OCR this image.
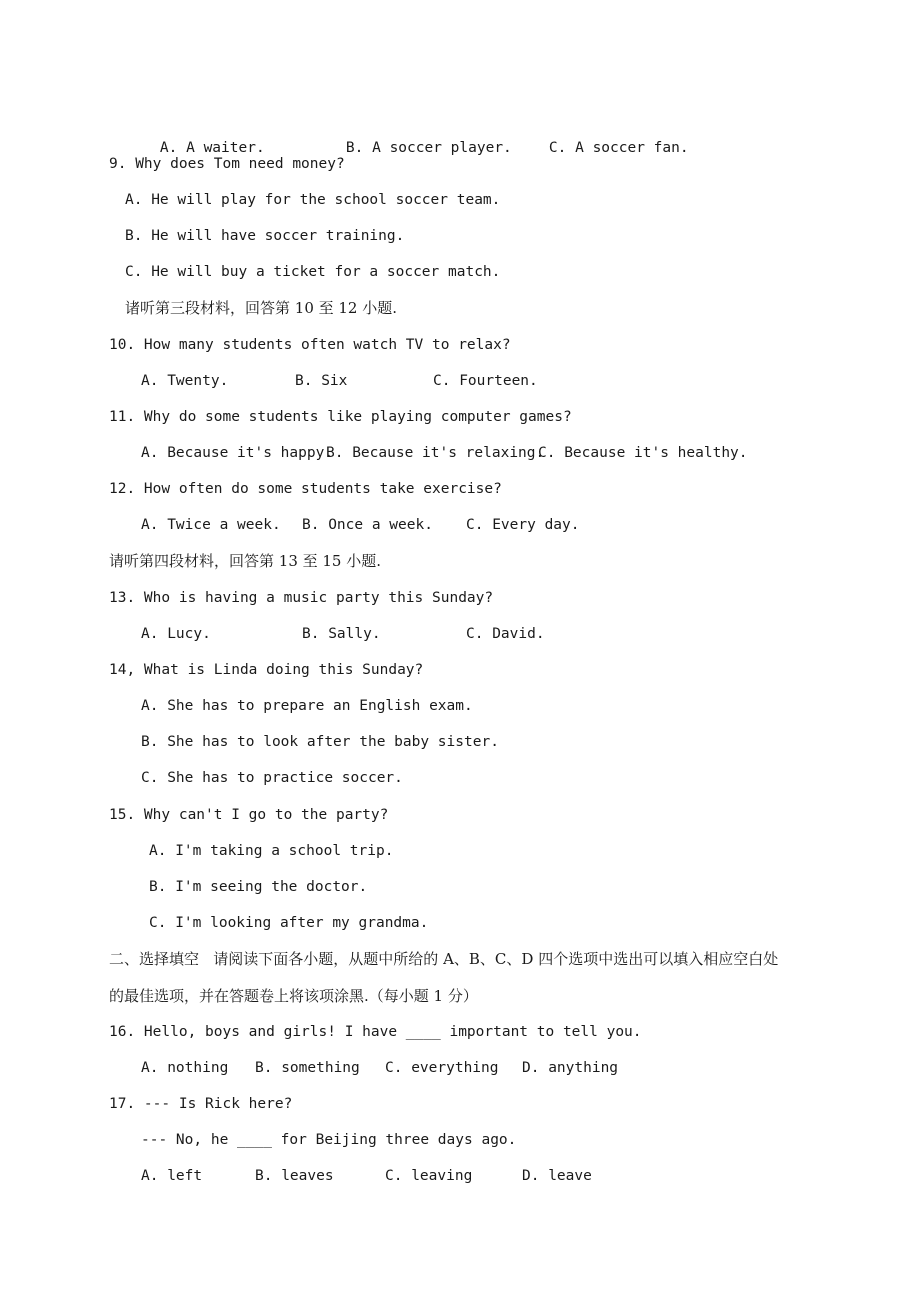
A. A waiter.
	B. A soccer player.
	C. A soccer fan.

9. Why does Tom need money?
A. He will play for the school soccer team.
B. He will have soccer training.
C. He will buy a ticket for a soccer match.
诸听第三段材料，回答第 10 至 12 小题.
10. How many students often watch TV to relax?
A. Twenty.	B. Six	C. Fourteen.
11. Why do some students like playing computer games?
A. Because it's happy.
B. Because it's relaxing.
C. Because it's healthy.
12. How often do some students take exercise?
A. Twice a week. B. Once a week. C. Every day.
请听第四段材料，回答第 13 至 15 小题.
13. Who is having a music party this Sunday?
A. Lucy.	B. Sally.	C. David.
14, What is Linda doing this Sunday?
A. She has to prepare an English exam.
B. She has to look after the baby sister.
C. She has to practice soccer.
15. Why can't I go to the party?
A. I'm taking a school trip.
B. I'm seeing the doctor.
C. I'm looking after my grandma.
二、选择填空   请阅读下面各小题，从题中所给的 A、B、C、D 四个选项中选出可以填入相应空白处
的最佳选项，并在答题卷上将该项涂黑.（每小题 1 分）
16. Hello, boys and girls! I have ____ important to tell you.
A. nothing B. something C. everything D. anything
17. --- Is Rick here?
--- No, he ____ for Beijing three days ago.
A. left	B. leaves	C. leaving	D. leave
